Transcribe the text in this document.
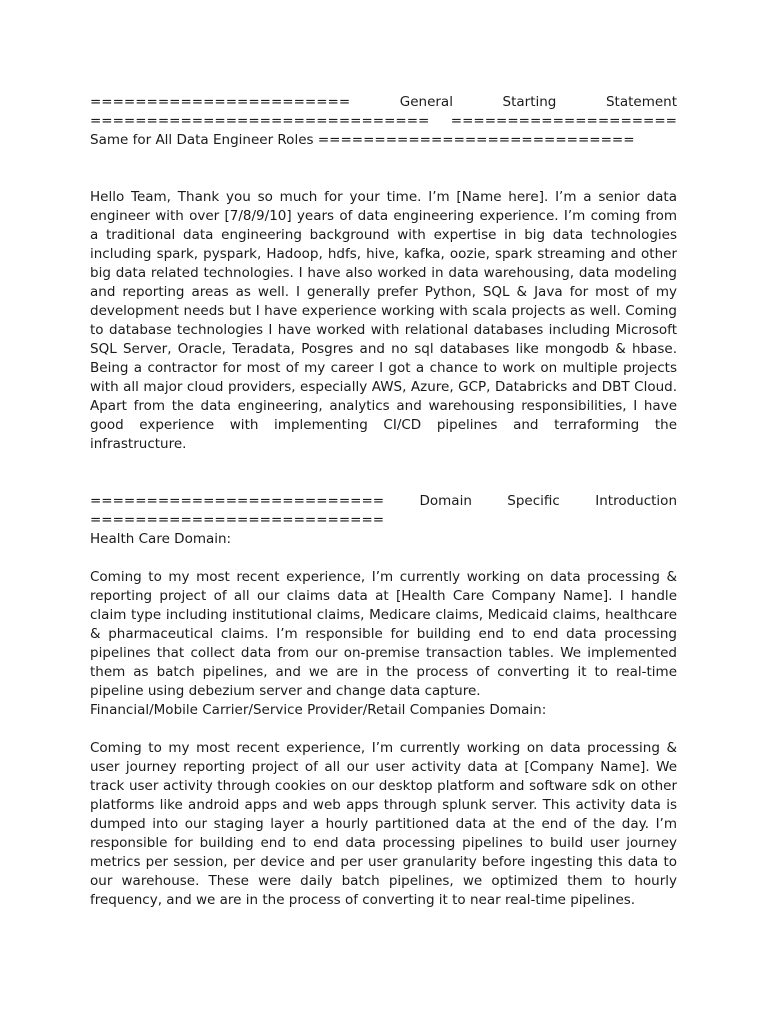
======================= General Starting Statement ============================== ==================== Same for All Data Engineer Roles ============================

Hello Team, Thank you so much for your time. I’m [Name here]. I’m a senior data engineer with over [7/8/9/10] years of data engineering experience. I’m coming from a traditional data engineering background with expertise in big data technologies including spark, pyspark, Hadoop, hdfs, hive, kafka, oozie, spark streaming and other big data related technologies. I have also worked in data warehousing, data modeling and reporting areas as well. I generally prefer Python, SQL & Java for most of my development needs but I have experience working with scala projects as well. Coming to database technologies I have worked with relational databases including Microsoft SQL Server, Oracle, Teradata, Posgres and no sql databases like mongodb & hbase. Being a contractor for most of my career I got a chance to work on multiple projects with all major cloud providers, especially AWS, Azure, GCP, Databricks and DBT Cloud. Apart from the data engineering, analytics and warehousing responsibilities, I have good experience with implementing CI/CD pipelines and terraforming the infrastructure.

========================== Domain Specific Introduction ==========================

Health Care Domain:

Coming to my most recent experience, I’m currently working on data processing & reporting project of all our claims data at [Health Care Company Name]. I handle claim type including institutional claims, Medicare claims, Medicaid claims, healthcare & pharmaceutical claims. I’m responsible for building end to end data processing pipelines that collect data from our on-premise transaction tables. We implemented them as batch pipelines, and we are in the process of converting it to real-time pipeline using debezium server and change data capture.

Financial/Mobile Carrier/Service Provider/Retail Companies Domain:

Coming to my most recent experience, I’m currently working on data processing & user journey reporting project of all our user activity data at [Company Name]. We track user activity through cookies on our desktop platform and software sdk on other platforms like android apps and web apps through splunk server. This activity data is dumped into our staging layer a hourly partitioned data at the end of the day. I’m responsible for building end to end data processing pipelines to build user journey metrics per session, per device and per user granularity before ingesting this data to our warehouse. These were daily batch pipelines, we optimized them to hourly frequency, and we are in the process of converting it to near real-time pipelines.
